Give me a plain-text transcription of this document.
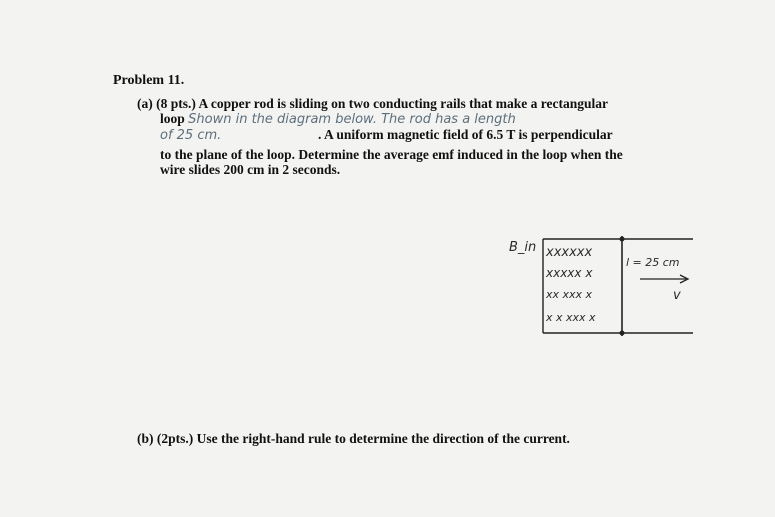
Problem 11.
(a) (8 pts.) A copper rod is sliding on two conducting rails that make a rectangular
loop Shown in the diagram below. The rod has a length
of 25 cm.	. A uniform magnetic field of 6.5 T is perpendicular
to the plane of the loop. Determine the average emf induced in the loop when the
wire slides 200 cm in 2 seconds.
xxxxxx
xxxxx x
xx xxx x
x x xxx x
B_in
l = 25 cm
v
(b) (2pts.) Use the right-hand rule to determine the direction of the current.
